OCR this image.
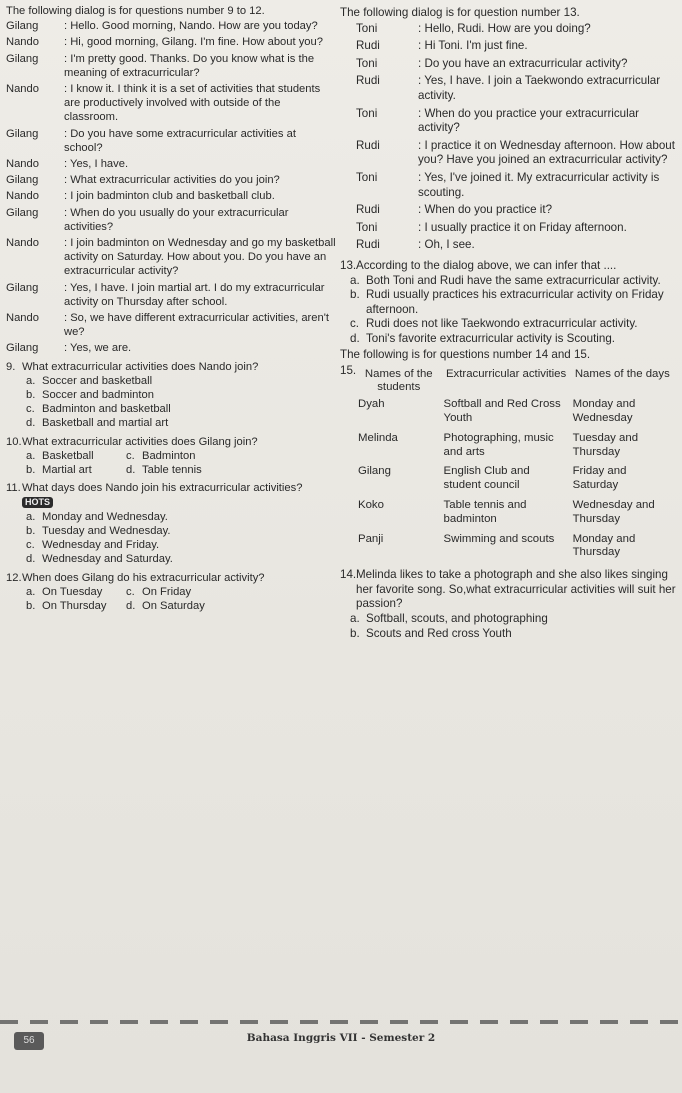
The following dialog is for questions number 9 to 12.
Gilang	: Hello. Good morning, Nando. How are you today?
Nando	: Hi, good morning, Gilang. I'm fine. How about you?
Gilang	: I'm pretty good. Thanks. Do you know what is the meaning of extracurricular?
Nando	: I know it. I think it is a set of activities that students are productively involved with outside of the classroom.
Gilang	: Do you have some extracurricular activities at school?
Nando	: Yes, I have.
Gilang	: What extracurricular activities do you join?
Nando	: I join badminton club and basketball club.
Gilang	: When do you usually do your extracurricular activities?
Nando	: I join badminton on Wednesday and go my basketball activity on Saturday. How about you. Do you have an extracurricular activity?
Gilang	: Yes, I have. I join martial art. I do my extracurricular activity on Thursday after school.
Nando	: So, we have different extracurricular activities, aren't we?
Gilang	: Yes, we are.
9. What extracurricular activities does Nando join?
a. Soccer and basketball
b. Soccer and badminton
c. Badminton and basketball
d. Basketball and martial art
10. What extracurricular activities does Gilang join?
a. Basketball	c. Badminton
b. Martial art	d. Table tennis
11. What days does Nando join his extracurricular activities? HOTS
a. Monday and Wednesday.
b. Tuesday and Wednesday.
c. Wednesday and Friday.
d. Wednesday and Saturday.
12. When does Gilang do his extracurricular activity?
a. On Tuesday c. On Friday
b. On Thursday d. On Saturday
The following dialog is for question number 13.
Toni	: Hello, Rudi. How are you doing?
Rudi	: Hi Toni. I'm just fine.
Toni	: Do you have an extracurricular activity?
Rudi	: Yes, I have. I join a Taekwondo extracurricular activity.
Toni	: When do you practice your extracurricular activity?
Rudi	: I practice it on Wednesday afternoon. How about you? Have you joined an extracurricular activity?
Toni	: Yes, I've joined it. My extracurricular activity is scouting.
Rudi	: When do you practice it?
Toni	: I usually practice it on Friday afternoon.
Rudi	: Oh, I see.
13. According to the dialog above, we can infer that ....
a. Both Toni and Rudi have the same extracurricular activity.
b. Rudi usually practices his extracurricular activity on Friday afternoon.
c. Rudi does not like Taekwondo extracurricular activity.
d. Toni's favorite extracurricular activity is Scouting.
The following is for questions number 14 and 15.
15. Names of the students	Extracurricular activities	Names of the days
Dyah	Softball and Red Cross Youth	Monday and Wednesday
Melinda	Photographing, music and arts	Tuesday and Thursday
Gilang	English Club and student council	Friday and Saturday
Koko	Table tennis and badminton	Wednesday and Thursday
Panji	Swimming and scouts	Monday and Thursday
14. Melinda likes to take a photograph and she also likes singing her favorite song. So,what extracurricular activities will suit her passion?
a. Softball, scouts, and photographing
b. Scouts and Red cross Youth
56	Bahasa Inggris VII - Semester 2
